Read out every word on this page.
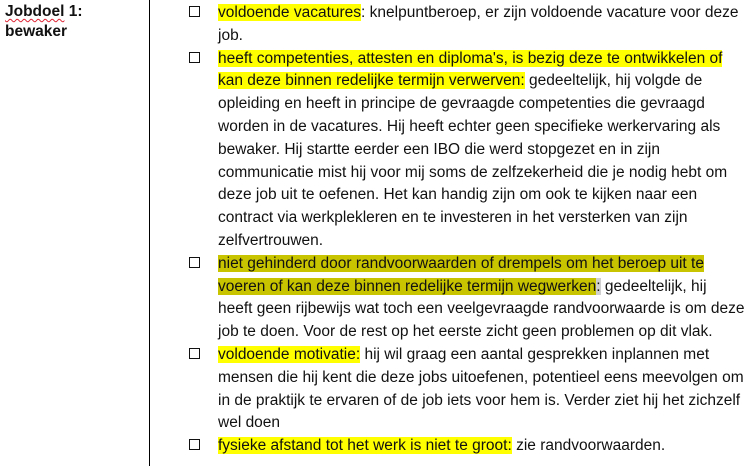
Jobdoel 1:
bewaker

voldoende vacatures: knelpuntberoep, er zijn voldoende vacature voor deze job.

heeft competenties, attesten en diploma's, is bezig deze te ontwikkelen of kan deze binnen redelijke termijn verwerven: gedeeltelijk, hij volgde de opleiding en heeft in principe de gevraagde competenties die gevraagd worden in de vacatures. Hij heeft echter geen specifieke werkervaring als bewaker. Hij startte eerder een IBO die werd stopgezet en in zijn communicatie mist hij voor mij soms de zelfzekerheid die je nodig hebt om deze job uit te oefenen. Het kan handig zijn om ook te kijken naar een contract via werkplekleren en te investeren in het versterken van zijn zelfvertrouwen.

niet gehinderd door randvoorwaarden of drempels om het beroep uit te voeren of kan deze binnen redelijke termijn wegwerken: gedeeltelijk, hij heeft geen rijbewijs wat toch een veelgevraagde randvoorwaarde is om deze job te doen. Voor de rest op het eerste zicht geen problemen op dit vlak.

voldoende motivatie: hij wil graag een aantal gesprekken inplannen met mensen die hij kent die deze jobs uitoefenen, potentieel eens meevolgen om in de praktijk te ervaren of de job iets voor hem is. Verder ziet hij het zichzelf wel doen

fysieke afstand tot het werk is niet te groot: zie randvoorwaarden.
